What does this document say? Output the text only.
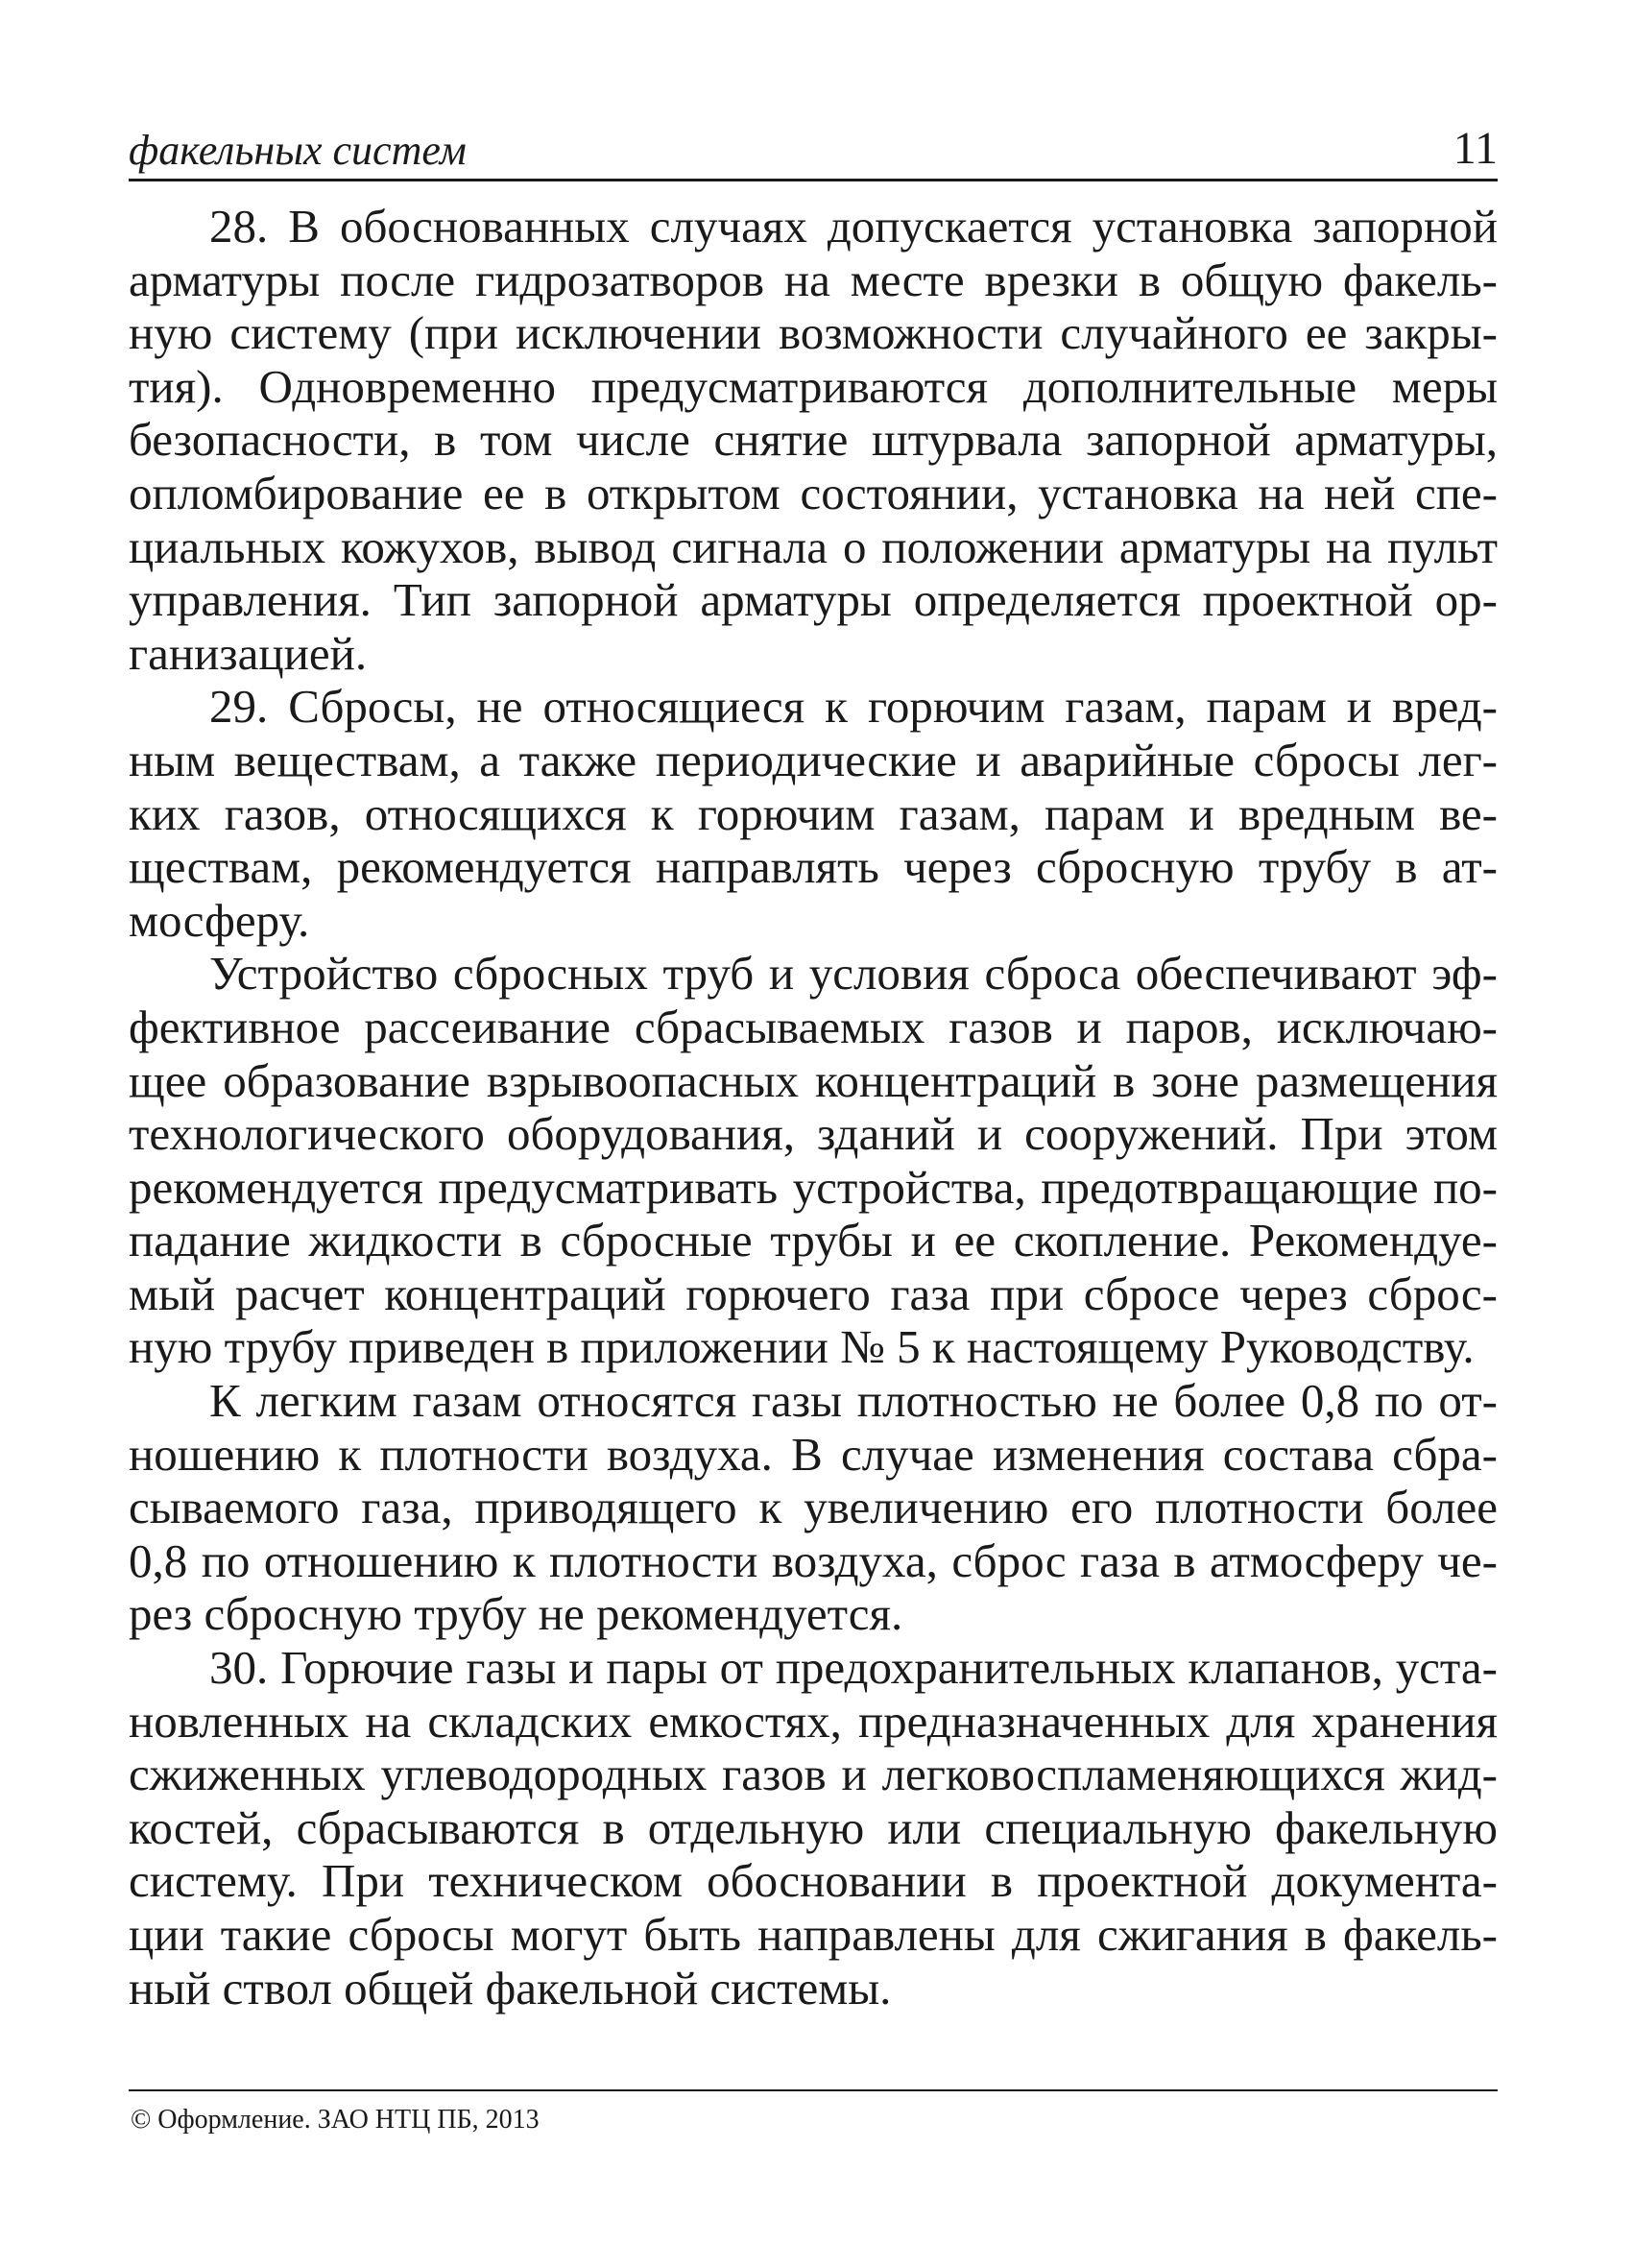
факельных систем	11
28. В обоснованных случаях допускается установка запорной
арматуры после гидрозатворов на месте врезки в общую факель-
ную систему (при исключении возможности случайного ее закры-
тия). Одновременно предусматриваются дополнительные меры
безопасности, в том числе снятие штурвала запорной арматуры,
опломбирование ее в открытом состоянии, установка на ней спе-
циальных кожухов, вывод сигнала о положении арматуры на пульт
управления. Тип запорной арматуры определяется проектной ор-
ганизацией.
29. Сбросы, не относящиеся к горючим газам, парам и вред-
ным веществам, а также периодические и аварийные сбросы лег-
ких газов, относящихся к горючим газам, парам и вредным ве-
ществам, рекомендуется направлять через сбросную трубу в ат-
мосферу.
Устройство сбросных труб и условия сброса обеспечивают эф-
фективное рассеивание сбрасываемых газов и паров, исключаю-
щее образование взрывоопасных концентраций в зоне размещения
технологического оборудования, зданий и сооружений. При этом
рекомендуется предусматривать устройства, предотвращающие по-
падание жидкости в сбросные трубы и ее скопление. Рекомендуе-
мый расчет концентраций горючего газа при сбросе через сброс-
ную трубу приведен в приложении № 5 к настоящему Руководству.
К легким газам относятся газы плотностью не более 0,8 по от-
ношению к плотности воздуха. В случае изменения состава сбра-
сываемого газа, приводящего к увеличению его плотности более
0,8 по отношению к плотности воздуха, сброс газа в атмосферу че-
рез сбросную трубу не рекомендуется.
30. Горючие газы и пары от предохранительных клапанов, уста-
новленных на складских емкостях, предназначенных для хранения
сжиженных углеводородных газов и легковоспламеняющихся жид-
костей, сбрасываются в отдельную или специальную факельную
систему. При техническом обосновании в проектной документа-
ции такие сбросы могут быть направлены для сжигания в факель-
ный ствол общей факельной системы.
© Оформление. ЗАО НТЦ ПБ, 2013
